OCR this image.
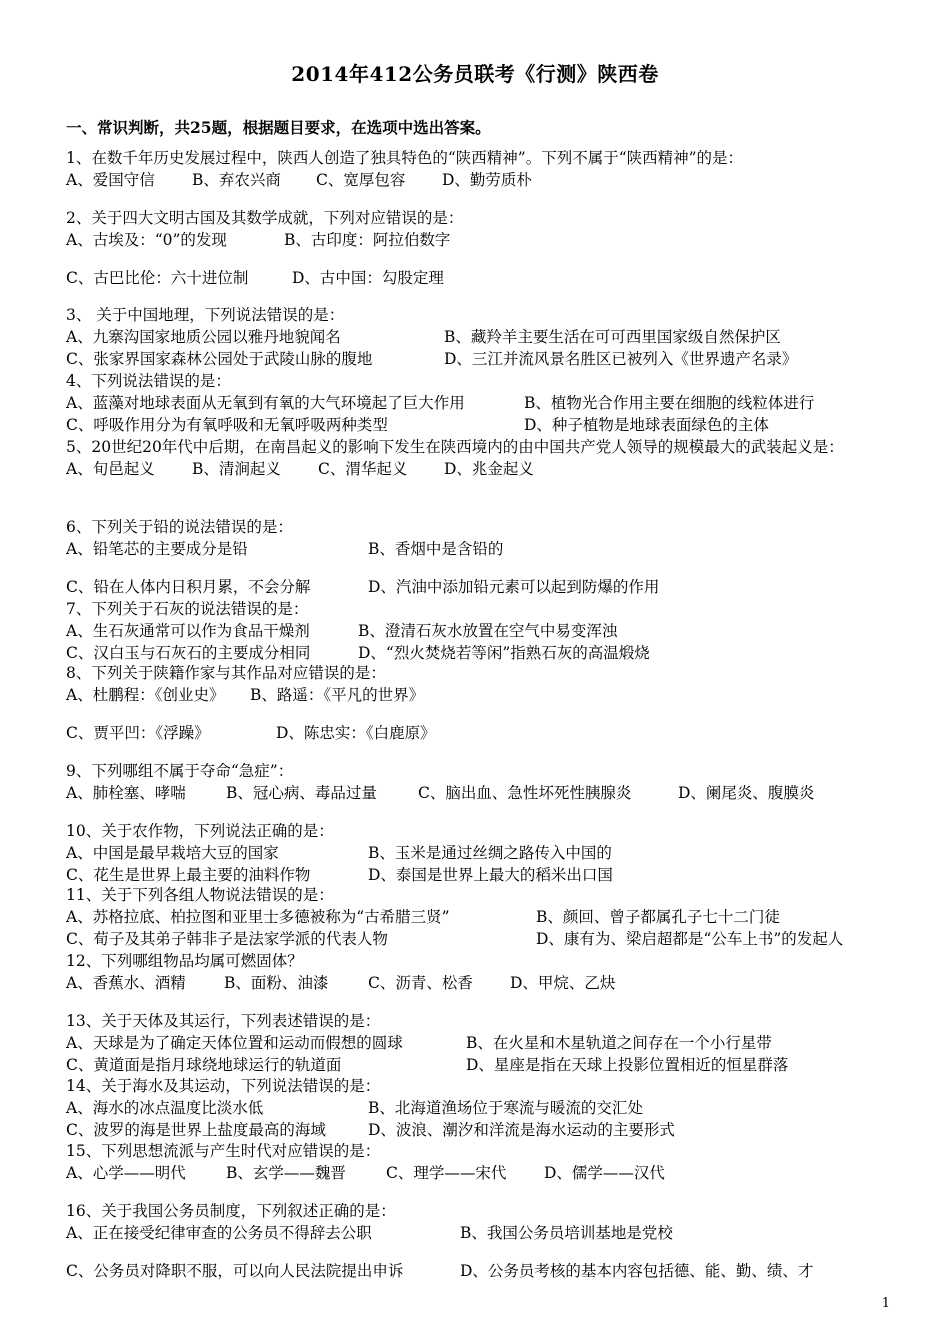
2014年412公务员联考《行测》陕西卷
一、常识判断，共25题，根据题目要求，在选项中选出答案。
1、在数千年历史发展过程中，陕西人创造了独具特色的“陕西精神”。下列不属于“陕西精神”的是：
A、爱国守信 B、弃农兴商 C、宽厚包容 D、勤劳质朴
2、关于四大文明古国及其数学成就，下列对应错误的是：
A、古埃及：“0”的发现	B、古印度：阿拉伯数字
C、古巴比伦：六十进位制	D、古中国：勾股定理
3、 关于中国地理，下列说法错误的是：
A、九寨沟国家地质公园以雅丹地貌闻名	B、藏羚羊主要生活在可可西里国家级自然保护区
C、张家界国家森林公园处于武陵山脉的腹地	D、三江并流风景名胜区已被列入《世界遗产名录》
4、下列说法错误的是：
A、蓝藻对地球表面从无氧到有氧的大气环境起了巨大作用	B、植物光合作用主要在细胞的线粒体进行
C、呼吸作用分为有氧呼吸和无氧呼吸两种类型	D、种子植物是地球表面绿色的主体
5、20世纪20年代中后期，在南昌起义的影响下发生在陕西境内的由中国共产党人领导的规模最大的武装起义是：
A、旬邑起义 B、清涧起义 C、渭华起义 D、兆金起义
6、下列关于铅的说法错误的是：
A、铅笔芯的主要成分是铅	B、香烟中是含铅的
C、铅在人体内日积月累，不会分解	D、汽油中添加铅元素可以起到防爆的作用
7、下列关于石灰的说法错误的是：
A、生石灰通常可以作为食品干燥剂	B、澄清石灰水放置在空气中易变浑浊
C、汉白玉与石灰石的主要成分相同	D、“烈火焚烧若等闲”指熟石灰的高温煅烧
8、下列关于陕籍作家与其作品对应错误的是：
A、杜鹏程：《创业史》 B、路遥：《平凡的世界》
C、贾平凹：《浮躁》	D、陈忠实：《白鹿原》
9、下列哪组不属于夺命“急症”：
A、肺栓塞、哮喘	B、冠心病、毒品过量	C、脑出血、急性坏死性胰腺炎	D、阑尾炎、腹膜炎
10、关于农作物，下列说法正确的是：
A、中国是最早栽培大豆的国家	B、玉米是通过丝绸之路传入中国的
C、花生是世界上最主要的油料作物	D、泰国是世界上最大的稻米出口国
11、关于下列各组人物说法错误的是：
A、苏格拉底、柏拉图和亚里士多德被称为“古希腊三贤”	B、颜回、曾子都属孔子七十二门徒
C、荀子及其弟子韩非子是法家学派的代表人物	D、康有为、梁启超都是“公车上书”的发起人
12、下列哪组物品均属可燃固体？
A、香蕉水、酒精 B、面粉、油漆	C、沥青、松香 D、甲烷、乙炔
13、关于天体及其运行，下列表述错误的是：
A、天球是为了确定天体位置和运动而假想的圆球	B、在火星和木星轨道之间存在一个小行星带
C、黄道面是指月球绕地球运行的轨道面	D、星座是指在天球上投影位置相近的恒星群落
14、关于海水及其运动，下列说法错误的是：
A、海水的冰点温度比淡水低	B、北海道渔场位于寒流与暖流的交汇处
C、波罗的海是世界上盐度最高的海域	D、波浪、潮汐和洋流是海水运动的主要形式
15、下列思想流派与产生时代对应错误的是：
A、心学——明代	B、玄学——魏晋	C、理学——宋代 D、儒学——汉代
16、关于我国公务员制度，下列叙述正确的是：
A、正在接受纪律审查的公务员不得辞去公职	B、我国公务员培训基地是党校
C、公务员对降职不服，可以向人民法院提出申诉	D、公务员考核的基本内容包括德、能、勤、绩、才
1
